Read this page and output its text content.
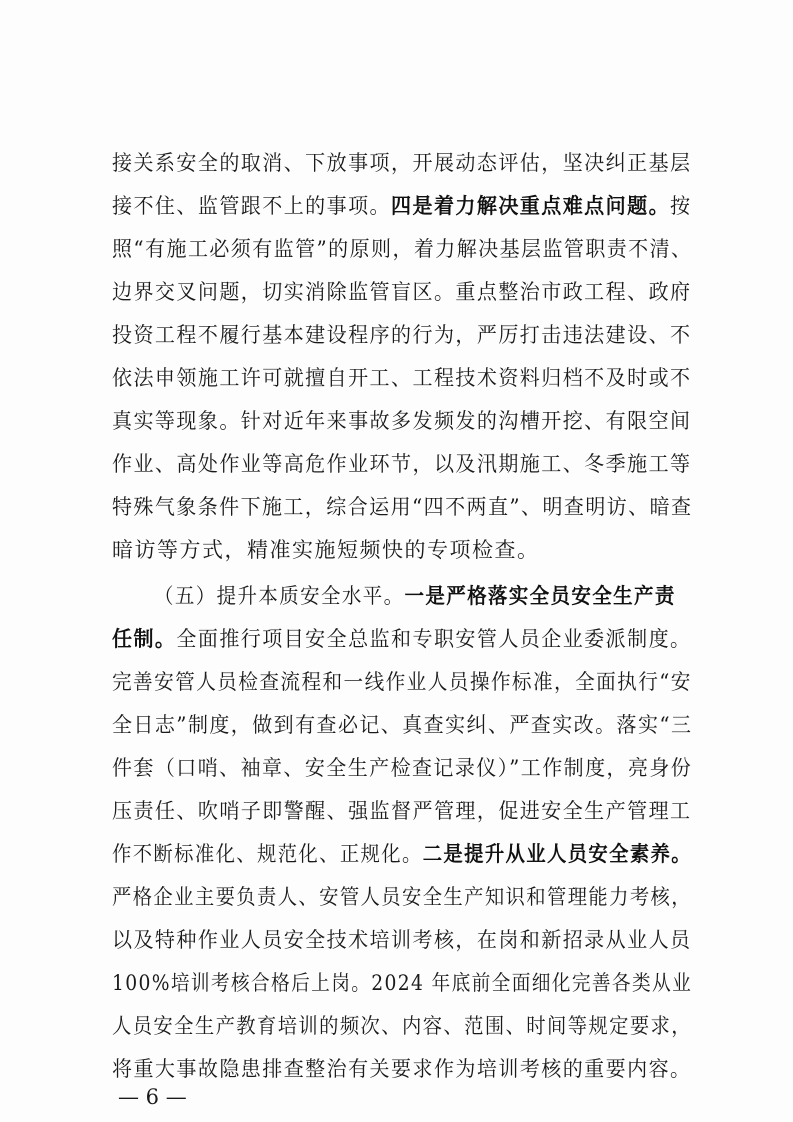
接关系安全的取消、下放事项，开展动态评估，坚决纠正基层
接不住、监管跟不上的事项。四是着力解决重点难点问题。按
照“有施工必须有监管”的原则，着力解决基层监管职责不清、
边界交叉问题，切实消除监管盲区。重点整治市政工程、政府
投资工程不履行基本建设程序的行为，严厉打击违法建设、不
依法申领施工许可就擅自开工、工程技术资料归档不及时或不
真实等现象。针对近年来事故多发频发的沟槽开挖、有限空间
作业、高处作业等高危作业环节，以及汛期施工、冬季施工等
特殊气象条件下施工，综合运用“四不两直”、明查明访、暗查
暗访等方式，精准实施短频快的专项检查。
（五）提升本质安全水平。一是严格落实全员安全生产责
任制。全面推行项目安全总监和专职安管人员企业委派制度。
完善安管人员检查流程和一线作业人员操作标准，全面执行“安
全日志”制度，做到有查必记、真查实纠、严查实改。落实“三
件套（口哨、袖章、安全生产检查记录仪）”工作制度，亮身份
压责任、吹哨子即警醒、强监督严管理，促进安全生产管理工
作不断标准化、规范化、正规化。二是提升从业人员安全素养。
严格企业主要负责人、安管人员安全生产知识和管理能力考核，
以及特种作业人员安全技术培训考核，在岗和新招录从业人员
100%培训考核合格后上岗。2024 年底前全面细化完善各类从业
人员安全生产教育培训的频次、内容、范围、时间等规定要求，
将重大事故隐患排查整治有关要求作为培训考核的重要内容。
— 6 —
